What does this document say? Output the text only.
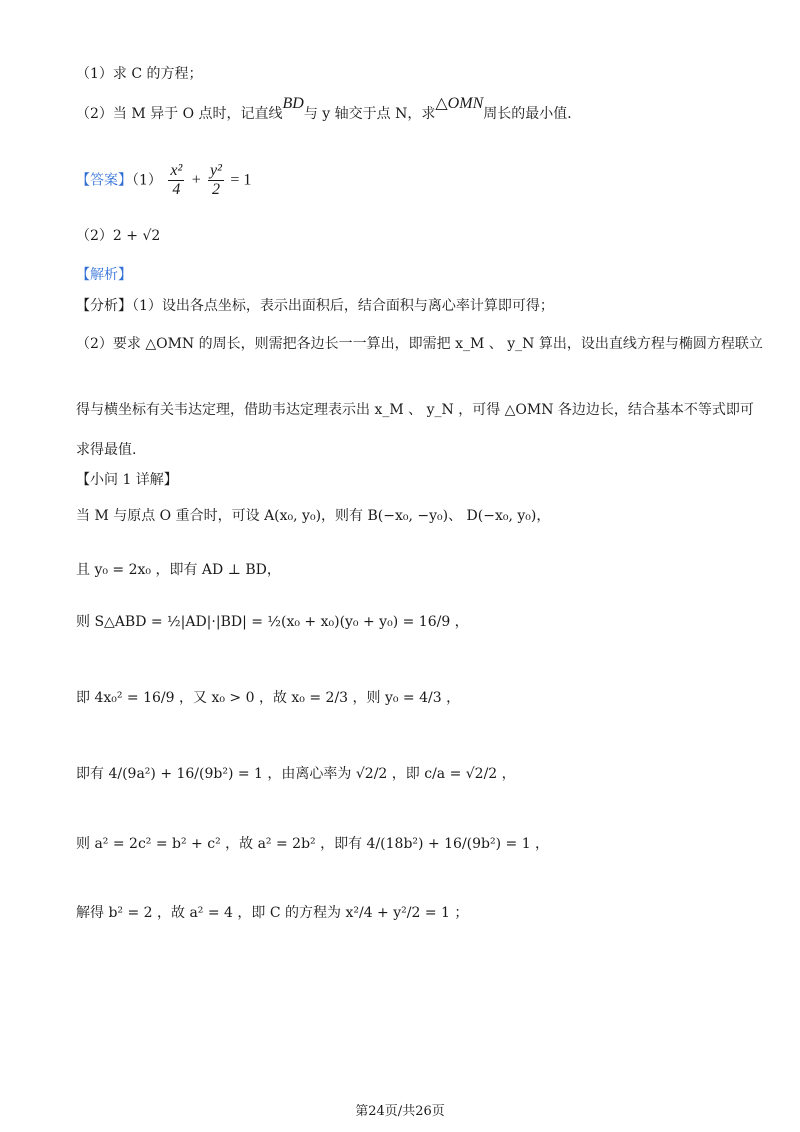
（1）求 C 的方程；
（2）当 M 异于 O 点时，记直线BD与 y 轴交于点 N，求△OMN周长的最小值．
【答案】$(1) \frac{\text{x²}}{4} + \frac{\text{y²}}{2} = 1$
（2）2 + √2
【解析】
【分析】（1）设出各点坐标，表示出面积后，结合面积与离心率计算即可得；
（2）要求 △OMN 的周长，则需把各边长一一算出，即需把 x_M 、 y_N 算出，设出直线方程与椭圆方程联立
得与横坐标有关韦达定理，借助韦达定理表示出 x_M 、 y_N ，可得 △OMN 各边边长，结合基本不等式即可
求得最值.
【小问 1 详解】
当 M 与原点 O 重合时，可设 A(x₀, y₀)，则有 B(−x₀, −y₀)、 D(−x₀, y₀)，
且 y₀ = 2x₀ ，即有 AD ⊥ BD，
则 S△ABD = ½|AD|·|BD| = ½(x₀ + x₀)(y₀ + y₀) = 16/9 ，
即 4x₀² = 16/9 ，又 x₀ > 0 ，故 x₀ = 2/3 ，则 y₀ = 4/3 ，
即有 4/(9a²) + 16/(9b²) = 1 ，由离心率为 √2/2 ，即 c/a = √2/2 ，
则 a² = 2c² = b² + c² ，故 a² = 2b² ，即有 4/(18b²) + 16/(9b²) = 1 ，
解得 b² = 2 ，故 a² = 4 ，即 C 的方程为 x²/4 + y²/2 = 1 ；
第24页/共26页
